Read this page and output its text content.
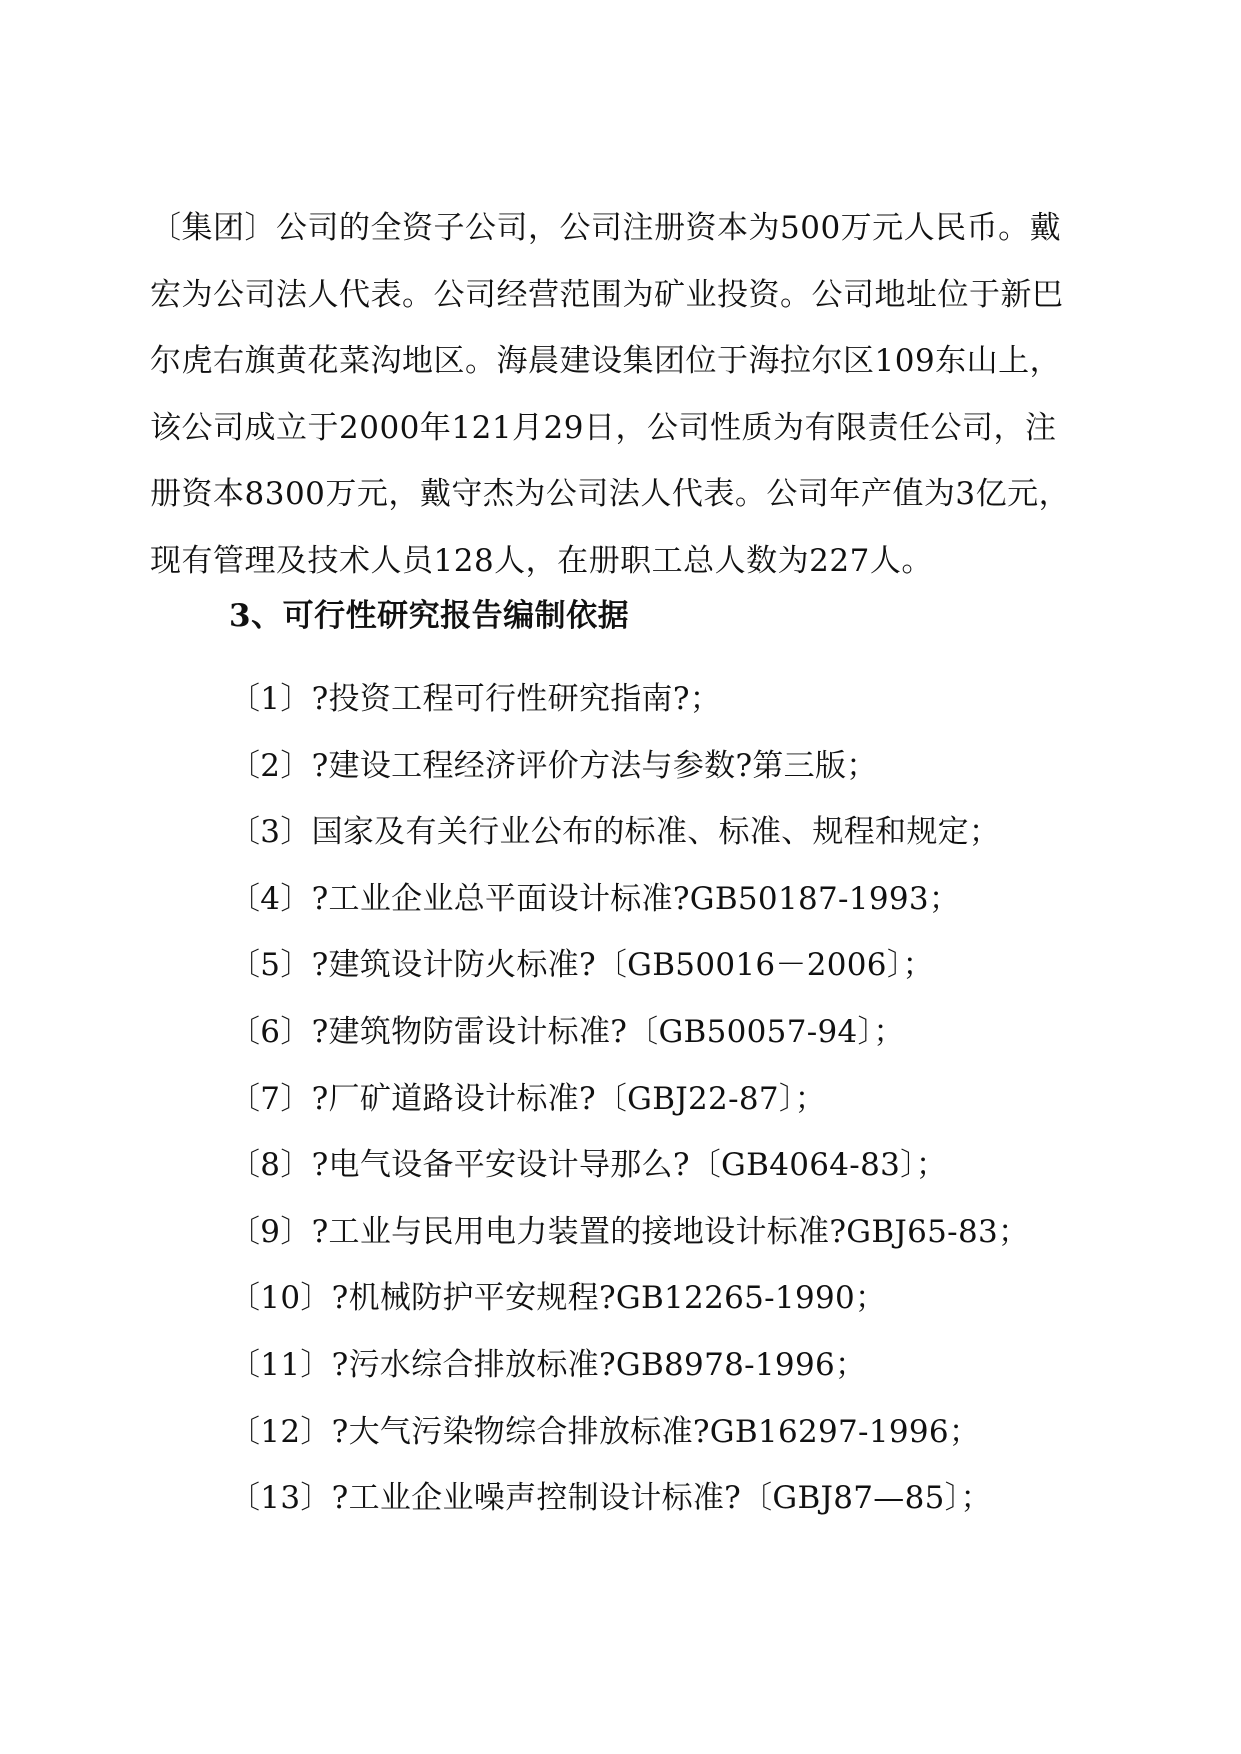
〔集团〕公司的全资子公司，公司注册资本为500万元人民币。戴
宏为公司法人代表。公司经营范围为矿业投资。公司地址位于新巴
尔虎右旗黄花菜沟地区。海晨建设集团位于海拉尔区109东山上，
该公司成立于2000年121月29日，公司性质为有限责任公司，注
册资本8300万元，戴守杰为公司法人代表。公司年产值为3亿元，
现有管理及技术人员128人，在册职工总人数为227人。
3、可行性研究报告编制依据
〔1〕?投资工程可行性研究指南?；
〔2〕?建设工程经济评价方法与参数?第三版；
〔3〕国家及有关行业公布的标准、标准、规程和规定；
〔4〕?工业企业总平面设计标准?GB50187-1993；
〔5〕?建筑设计防火标准?〔GB50016－2006〕；
〔6〕?建筑物防雷设计标准?〔GB50057-94〕；
〔7〕?厂矿道路设计标准?〔GBJ22-87〕；
〔8〕?电气设备平安设计导那么?〔GB4064-83〕；
〔9〕?工业与民用电力装置的接地设计标准?GBJ65-83；
〔10〕?机械防护平安规程?GB12265-1990；
〔11〕?污水综合排放标准?GB8978-1996；
〔12〕?大气污染物综合排放标准?GB16297-1996；
〔13〕?工业企业噪声控制设计标准?〔GBJ87—85〕；
